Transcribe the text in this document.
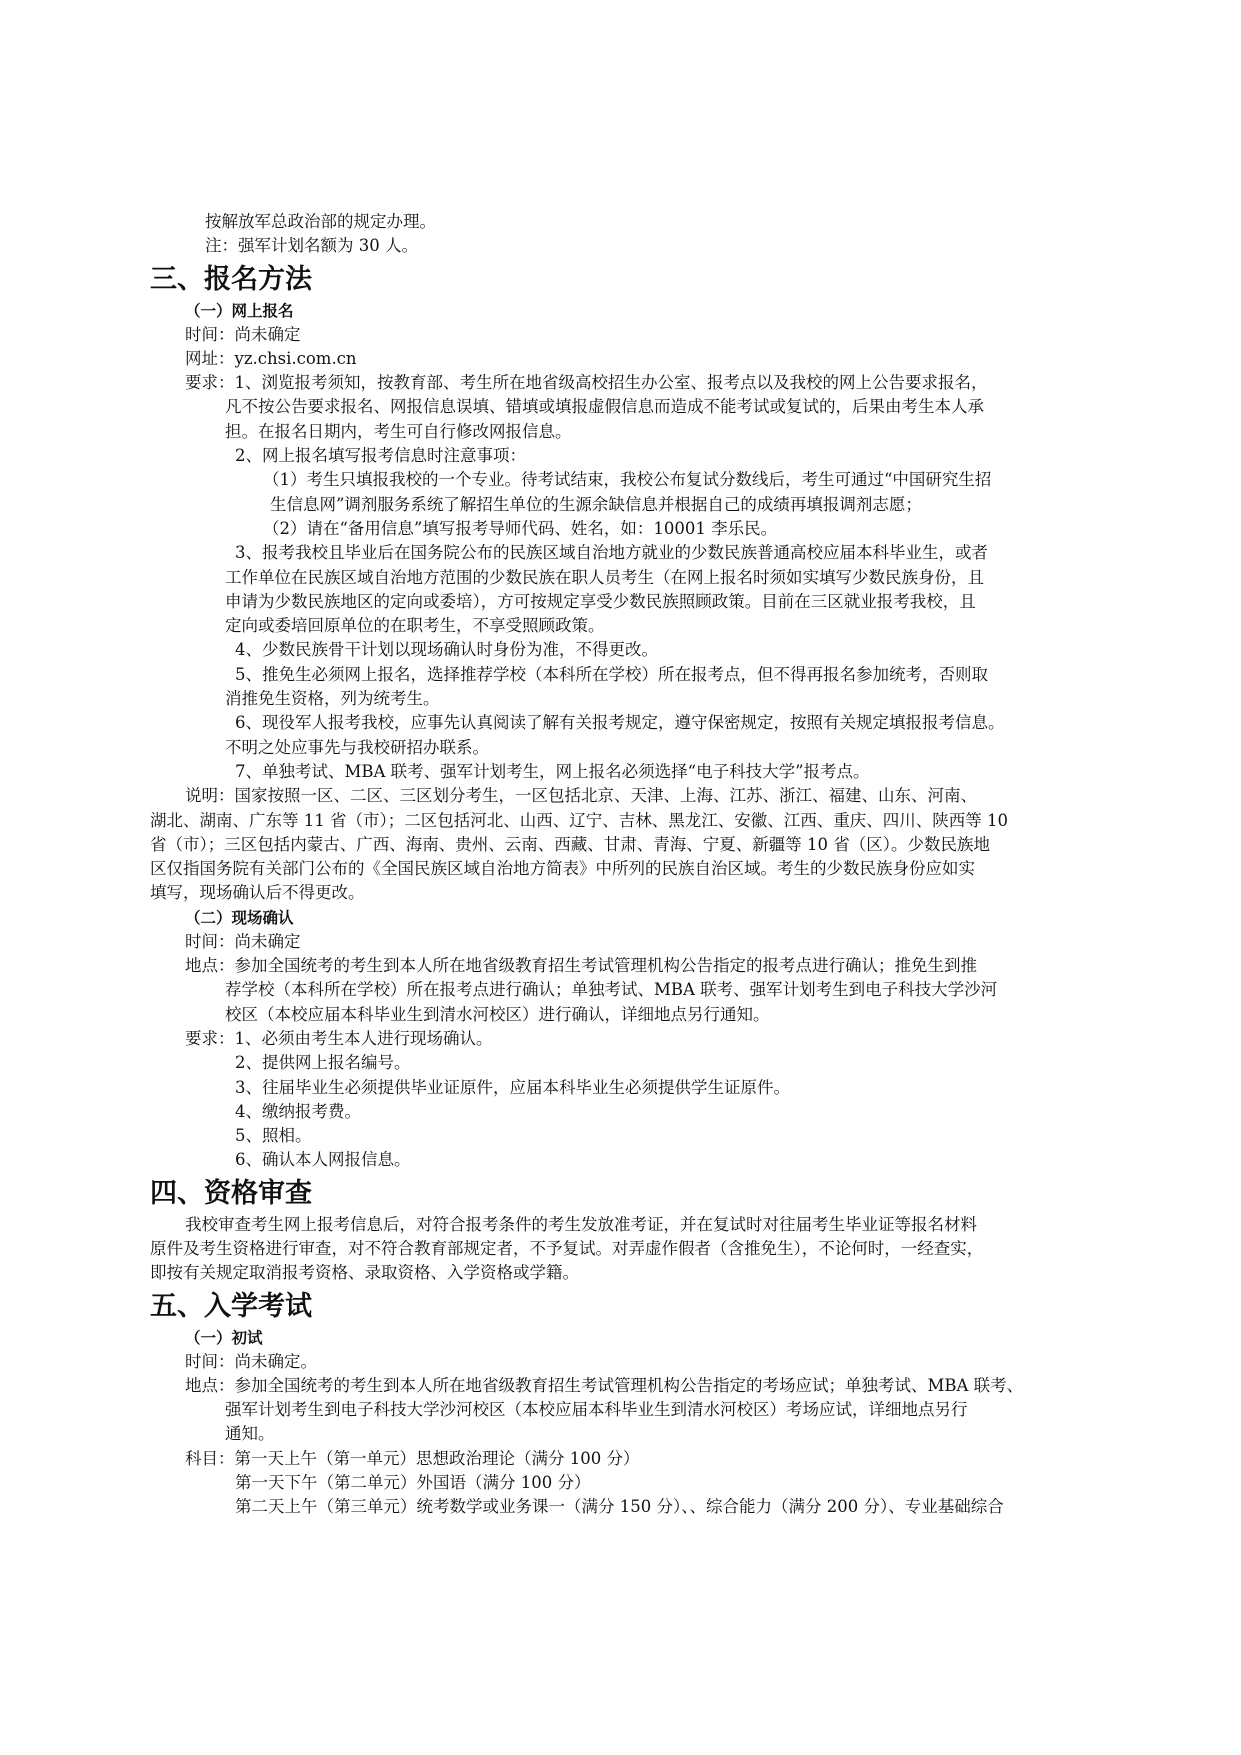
按解放军总政治部的规定办理。
注：强军计划名额为 30 人。
三、报名方法
（一）网上报名
时间：尚未确定
网址：yz.chsi.com.cn
要求：1、浏览报考须知，按教育部、考生所在地省级高校招生办公室、报考点以及我校的网上公告要求报名，
凡不按公告要求报名、网报信息误填、错填或填报虚假信息而造成不能考试或复试的，后果由考生本人承
担。在报名日期内，考生可自行修改网报信息。
2、网上报名填写报考信息时注意事项：
（1）考生只填报我校的一个专业。待考试结束，我校公布复试分数线后，考生可通过“中国研究生招
生信息网”调剂服务系统了解招生单位的生源余缺信息并根据自己的成绩再填报调剂志愿；
（2）请在“备用信息”填写报考导师代码、姓名，如：10001 李乐民。
3、报考我校且毕业后在国务院公布的民族区域自治地方就业的少数民族普通高校应届本科毕业生，或者
工作单位在民族区域自治地方范围的少数民族在职人员考生（在网上报名时须如实填写少数民族身份，且
申请为少数民族地区的定向或委培），方可按规定享受少数民族照顾政策。目前在三区就业报考我校，且
定向或委培回原单位的在职考生，不享受照顾政策。
4、少数民族骨干计划以现场确认时身份为准，不得更改。
5、推免生必须网上报名，选择推荐学校（本科所在学校）所在报考点，但不得再报名参加统考，否则取
消推免生资格，列为统考生。
6、现役军人报考我校，应事先认真阅读了解有关报考规定，遵守保密规定，按照有关规定填报报考信息。
不明之处应事先与我校研招办联系。
7、单独考试、MBA 联考、强军计划考生，网上报名必须选择“电子科技大学”报考点。
说明：国家按照一区、二区、三区划分考生，一区包括北京、天津、上海、江苏、浙江、福建、山东、河南、
湖北、湖南、广东等 11 省（市）；二区包括河北、山西、辽宁、吉林、黑龙江、安徽、江西、重庆、四川、陕西等 10
省（市）；三区包括内蒙古、广西、海南、贵州、云南、西藏、甘肃、青海、宁夏、新疆等 10 省（区）。少数民族地
区仅指国务院有关部门公布的《全国民族区域自治地方简表》中所列的民族自治区域。考生的少数民族身份应如实
填写，现场确认后不得更改。
（二）现场确认
时间：尚未确定
地点：参加全国统考的考生到本人所在地省级教育招生考试管理机构公告指定的报考点进行确认；推免生到推
荐学校（本科所在学校）所在报考点进行确认；单独考试、MBA 联考、强军计划考生到电子科技大学沙河
校区（本校应届本科毕业生到清水河校区）进行确认，详细地点另行通知。
要求：1、必须由考生本人进行现场确认。
2、提供网上报名编号。
3、往届毕业生必须提供毕业证原件，应届本科毕业生必须提供学生证原件。
4、缴纳报考费。
5、照相。
6、确认本人网报信息。
四、资格审查
我校审查考生网上报考信息后，对符合报考条件的考生发放准考证，并在复试时对往届考生毕业证等报名材料
原件及考生资格进行审查，对不符合教育部规定者，不予复试。对弄虚作假者（含推免生），不论何时，一经查实，
即按有关规定取消报考资格、录取资格、入学资格或学籍。
五、入学考试
（一）初试
时间：尚未确定。
地点：参加全国统考的考生到本人所在地省级教育招生考试管理机构公告指定的考场应试；单独考试、MBA 联考、
强军计划考生到电子科技大学沙河校区（本校应届本科毕业生到清水河校区）考场应试，详细地点另行
通知。
科目：第一天上午（第一单元）思想政治理论（满分 100 分）
第一天下午（第二单元）外国语（满分 100 分）
第二天上午（第三单元）统考数学或业务课一（满分 150 分）、、综合能力（满分 200 分）、专业基础综合
